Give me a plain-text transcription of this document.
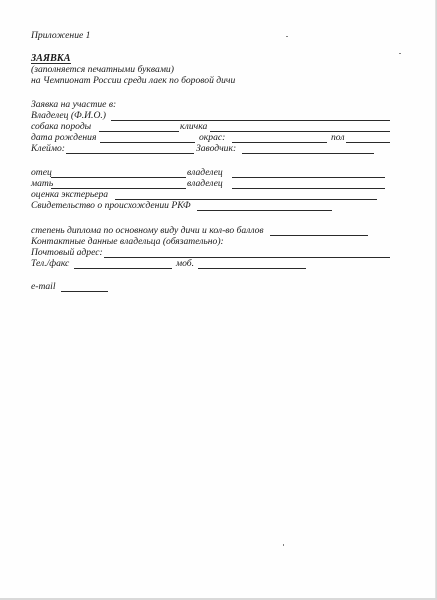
Приложение 1
ЗАЯВКА
(заполняется печатными буквами)
на Чемпионат России среди лаек по боровой дичи
Заявка на участие в:
Владелец (Ф.И.О.)
собака породы	кличка
дата рождения	окрас:	пол
Клеймо:	Заводчик:
отец	владелец
мать	владелец
оценка экстерьера
Свидетельство о происхождении РКФ
степень диплома по основному виду дичи и кол-во баллов
Контактные данные владельца (обязательно):
Почтовый адрес:
Тел./факс	моб.
e-mail
